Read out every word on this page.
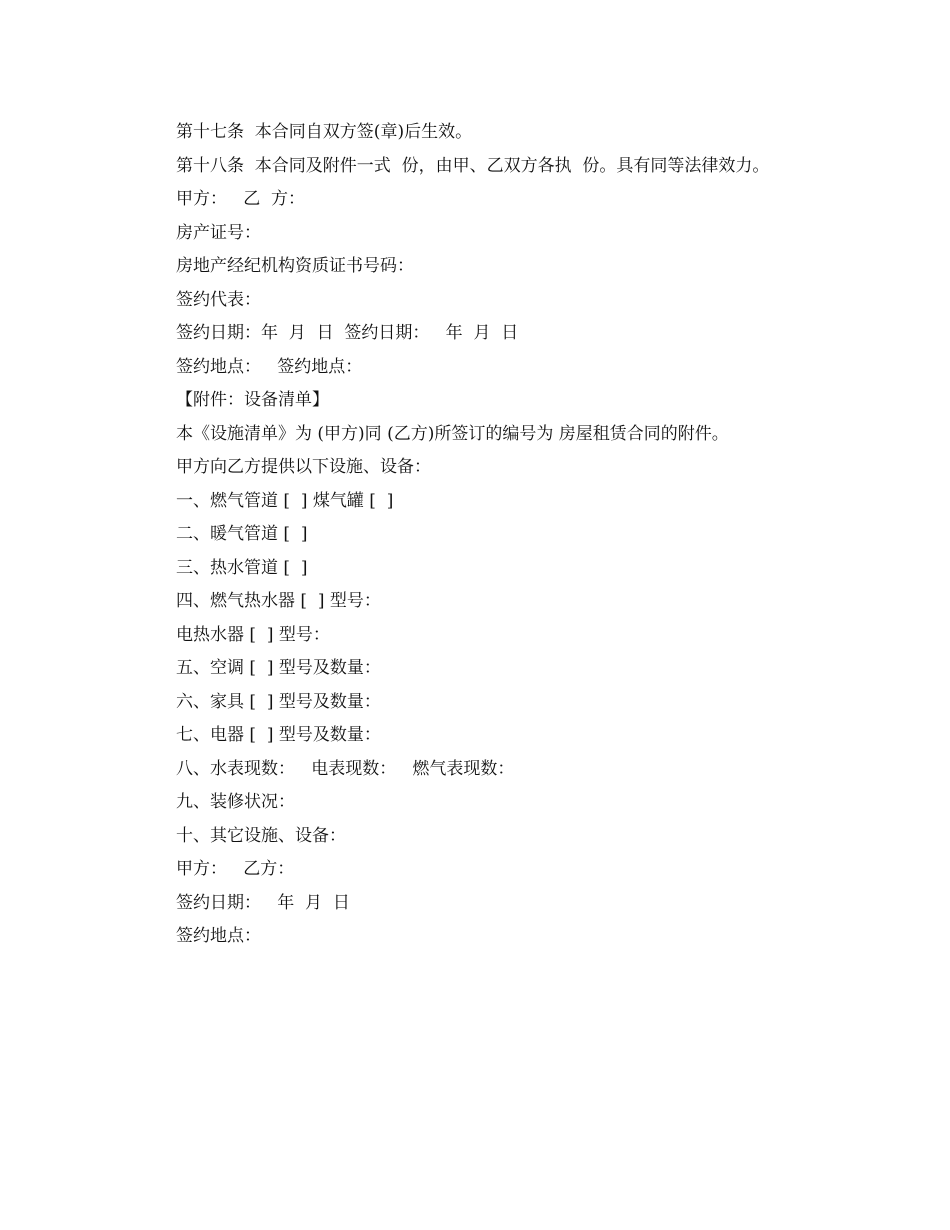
第十七条  本合同自双方签(章)后生效。
第十八条  本合同及附件一式  份，由甲、乙双方各执  份。具有同等法律效力。
甲方：   乙  方：
房产证号：
房地产经纪机构资质证书号码：
签约代表：
签约日期：年  月  日  签约日期：   年  月  日
签约地点：   签约地点：
【附件：设备清单】
本《设施清单》为 (甲方)同 (乙方)所签订的编号为 房屋租赁合同的附件。
甲方向乙方提供以下设施、设备：
一、燃气管道 [  ] 煤气罐 [  ]
二、暖气管道 [  ]
三、热水管道 [  ]
四、燃气热水器 [  ] 型号：
电热水器 [  ] 型号：
五、空调 [  ] 型号及数量：
六、家具 [  ] 型号及数量：
七、电器 [  ] 型号及数量：
八、水表现数：   电表现数：   燃气表现数：
九、装修状况：
十、其它设施、设备：
甲方：   乙方：
签约日期：   年  月  日
签约地点：
